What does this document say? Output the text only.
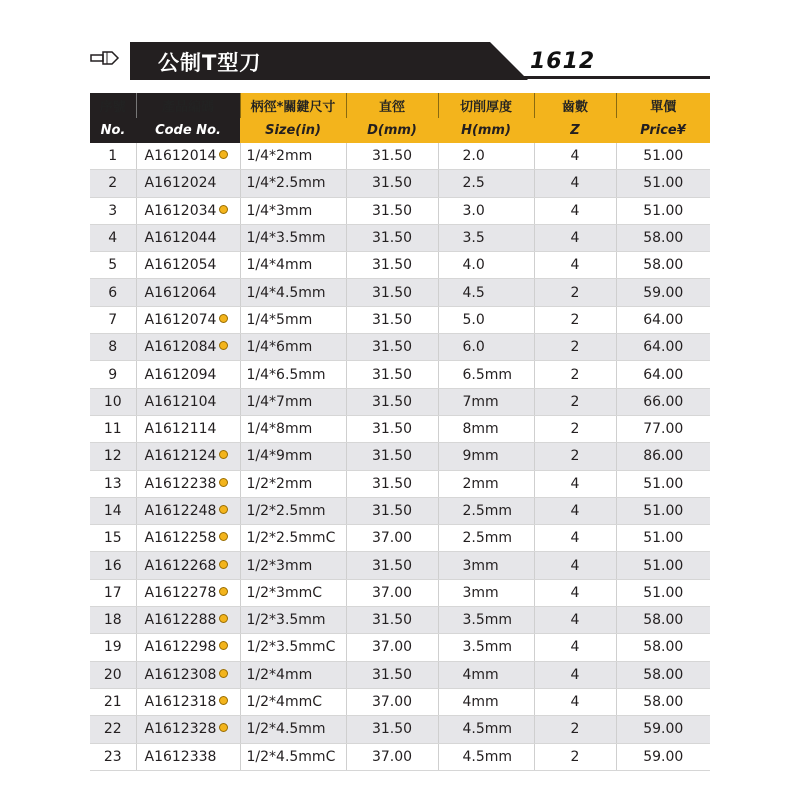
公制T型刀	1612
序號	產品編碼	柄徑*關鍵尺寸	直徑	切削厚度	齒數	單價
No.	Code No.	Size(in)	D(mm)	H(mm)	Z	Price¥
1	A1612014	1/4*2mm	31.50	2.0	4	51.00
2	A1612024	1/4*2.5mm	31.50	2.5	4	51.00
3	A1612034	1/4*3mm	31.50	3.0	4	51.00
4	A1612044	1/4*3.5mm	31.50	3.5	4	58.00
5	A1612054	1/4*4mm	31.50	4.0	4	58.00
6	A1612064	1/4*4.5mm	31.50	4.5	2	59.00
7	A1612074	1/4*5mm	31.50	5.0	2	64.00
8	A1612084	1/4*6mm	31.50	6.0	2	64.00
9	A1612094	1/4*6.5mm	31.50	6.5mm	2	64.00
10	A1612104	1/4*7mm	31.50	7mm	2	66.00
11	A1612114	1/4*8mm	31.50	8mm	2	77.00
12	A1612124	1/4*9mm	31.50	9mm	2	86.00
13	A1612238	1/2*2mm	31.50	2mm	4	51.00
14	A1612248	1/2*2.5mm	31.50	2.5mm	4	51.00
15	A1612258	1/2*2.5mmC	37.00	2.5mm	4	51.00
16	A1612268	1/2*3mm	31.50	3mm	4	51.00
17	A1612278	1/2*3mmC	37.00	3mm	4	51.00
18	A1612288	1/2*3.5mm	31.50	3.5mm	4	58.00
19	A1612298	1/2*3.5mmC	37.00	3.5mm	4	58.00
20	A1612308	1/2*4mm	31.50	4mm	4	58.00
21	A1612318	1/2*4mmC	37.00	4mm	4	58.00
22	A1612328	1/2*4.5mm	31.50	4.5mm	2	59.00
23	A1612338	1/2*4.5mmC	37.00	4.5mm	2	59.00
